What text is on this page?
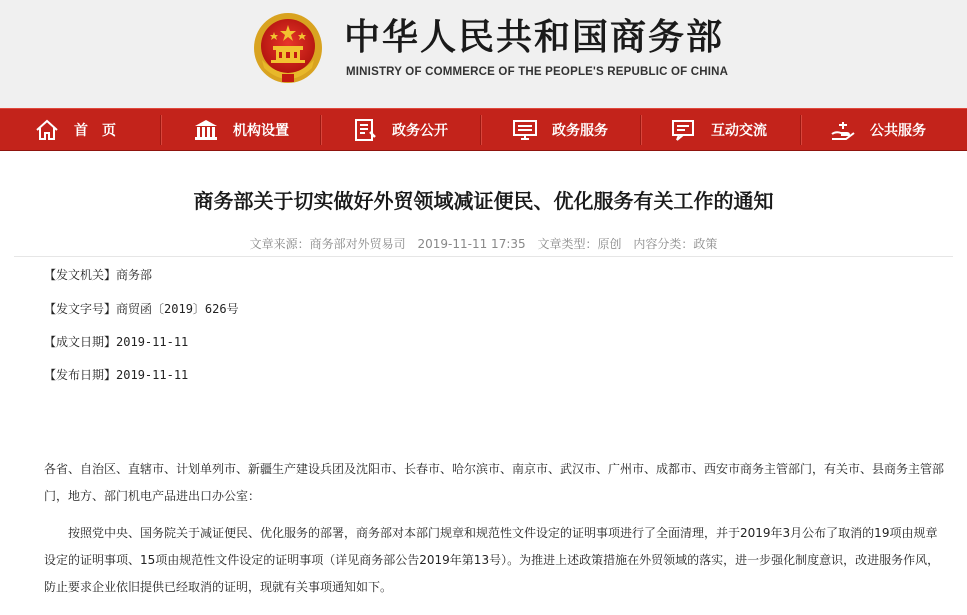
中华人民共和国商务部
MINISTRY OF COMMERCE OF THE PEOPLE'S REPUBLIC OF CHINA
首　页	机构设置	政务公开	政务服务	互动交流	公共服务
商务部关于切实做好外贸领域减证便民、优化服务有关工作的通知
文章来源：商务部对外贸易司 2019-11-11 17:35 文章类型：原创 内容分类：政策
【发文机关】商务部
【发文字号】商贸函〔2019〕626号
【成文日期】2019-11-11
【发布日期】2019-11-11

各省、自治区、直辖市、计划单列市、新疆生产建设兵团及沈阳市、长春市、哈尔滨市、南京市、武汉市、广州市、成都市、西安市商务主管部门，有关市、县商务主管部门，地方、部门机电产品进出口办公室：

按照党中央、国务院关于减证便民、优化服务的部署，商务部对本部门规章和规范性文件设定的证明事项进行了全面清理，并于2019年3月公布了取消的19项由规章设定的证明事项、15项由规范性文件设定的证明事项（详见商务部公告2019年第13号）。为推进上述政策措施在外贸领域的落实，进一步强化制度意识，改进服务作风，防止要求企业依旧提供已经取消的证明，现就有关事项通知如下。
